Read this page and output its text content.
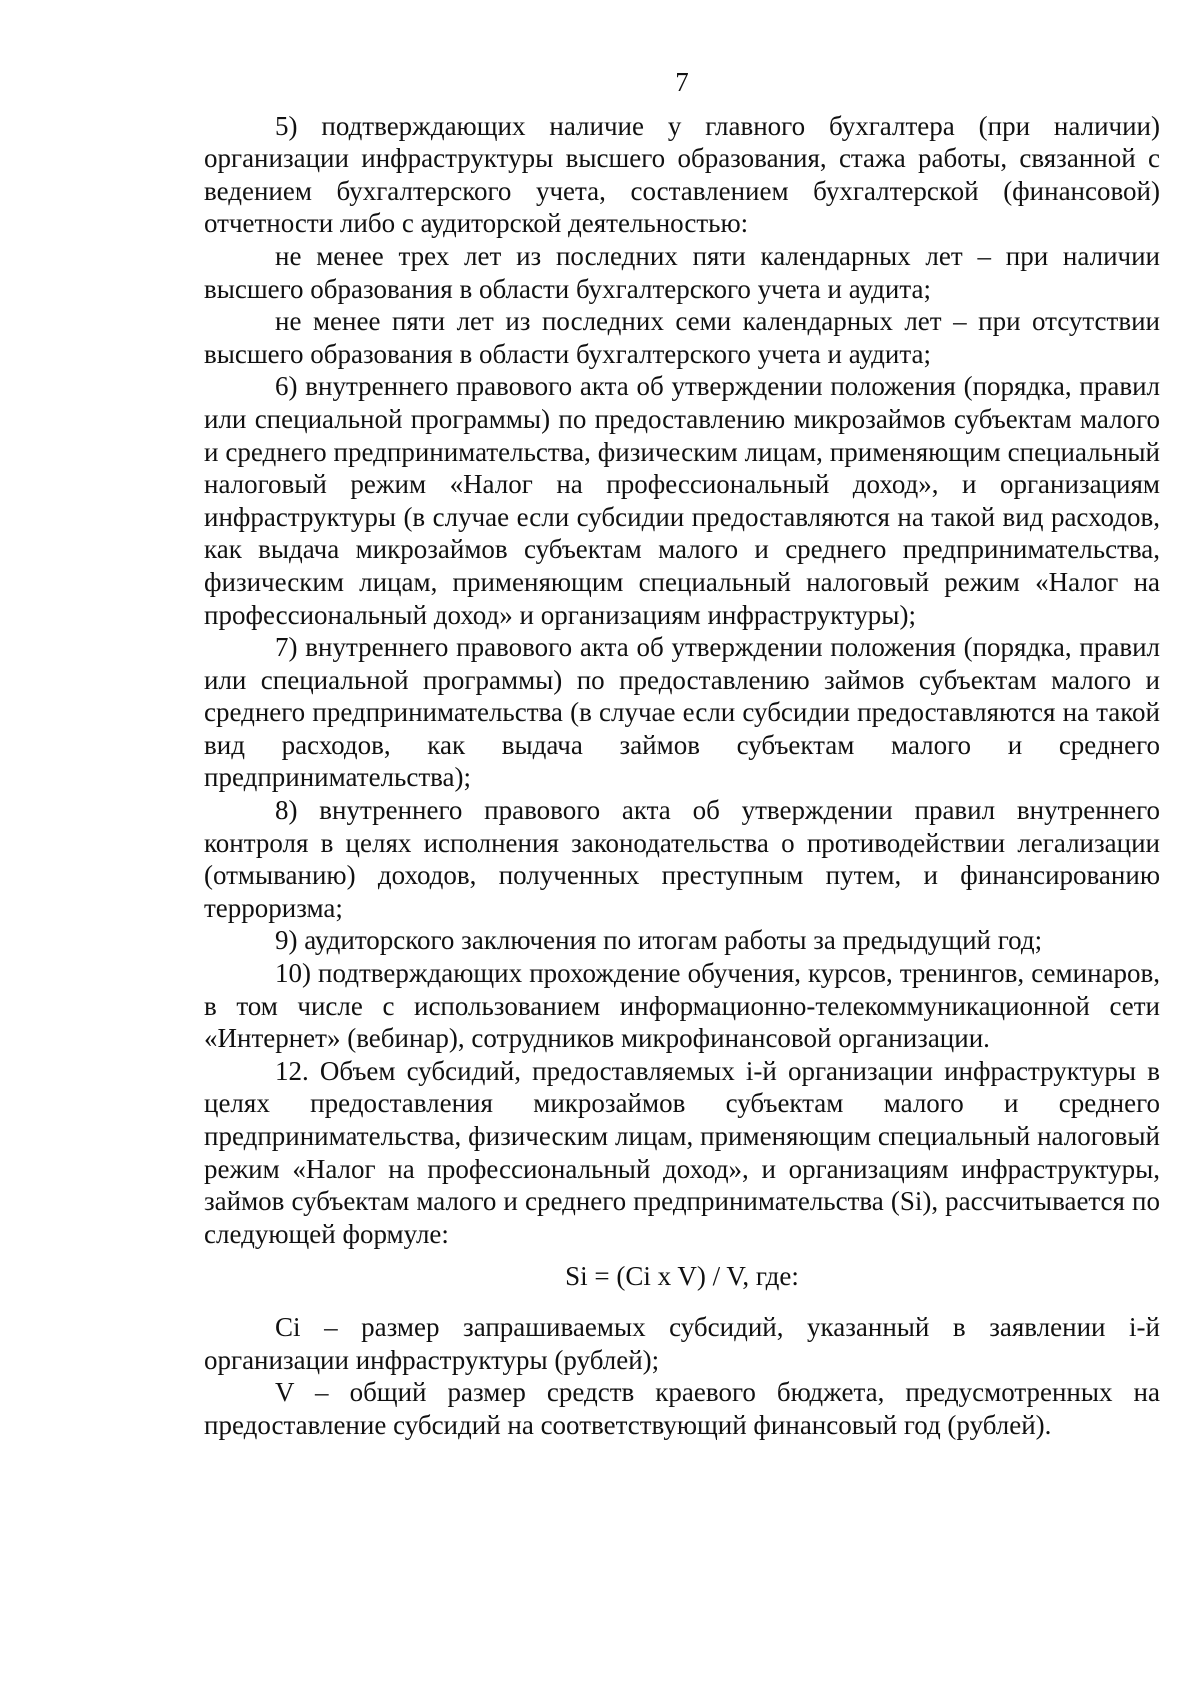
7

5) подтверждающих наличие у главного бухгалтера (при наличии) организации инфраструктуры высшего образования, стажа работы, связанной с ведением бухгалтерского учета, составлением бухгалтерской (финансовой) отчетности либо с аудиторской деятельностью:

не менее трех лет из последних пяти календарных лет – при наличии высшего образования в области бухгалтерского учета и аудита;

не менее пяти лет из последних семи календарных лет – при отсутствии высшего образования в области бухгалтерского учета и аудита;

6) внутреннего правового акта об утверждении положения (порядка, правил или специальной программы) по предоставлению микрозаймов субъектам малого и среднего предпринимательства, физическим лицам, применяющим специальный налоговый режим «Налог на профессиональный доход», и организациям инфраструктуры (в случае если субсидии предоставляются на такой вид расходов, как выдача микрозаймов субъектам малого и среднего предпринимательства, физическим лицам, применяющим специальный налоговый режим «Налог на профессиональный доход» и организациям инфраструктуры);

7) внутреннего правового акта об утверждении положения (порядка, правил или специальной программы) по предоставлению займов субъектам малого и среднего предпринимательства (в случае если субсидии предоставляются на такой вид расходов, как выдача займов субъектам малого и среднего предпринимательства);

8) внутреннего правового акта об утверждении правил внутреннего контроля в целях исполнения законодательства о противодействии легализации (отмыванию) доходов, полученных преступным путем, и финансированию терроризма;

9) аудиторского заключения по итогам работы за предыдущий год;

10) подтверждающих прохождение обучения, курсов, тренингов, семинаров, в том числе с использованием информационно-телекоммуникационной сети «Интернет» (вебинар), сотрудников микрофинансовой организации.

12. Объем субсидий, предоставляемых i-й организации инфраструктуры в целях предоставления микрозаймов субъектам малого и среднего предпринимательства, физическим лицам, применяющим специальный налоговый режим «Налог на профессиональный доход», и организациям инфраструктуры, займов субъектам малого и среднего предпринимательства (Si), рассчитывается по следующей формуле:

Si = (Ci x V) / V, где:

Ci – размер запрашиваемых субсидий, указанный в заявлении i-й организации инфраструктуры (рублей);

V – общий размер средств краевого бюджета, предусмотренных на предоставление субсидий на соответствующий финансовый год (рублей).
